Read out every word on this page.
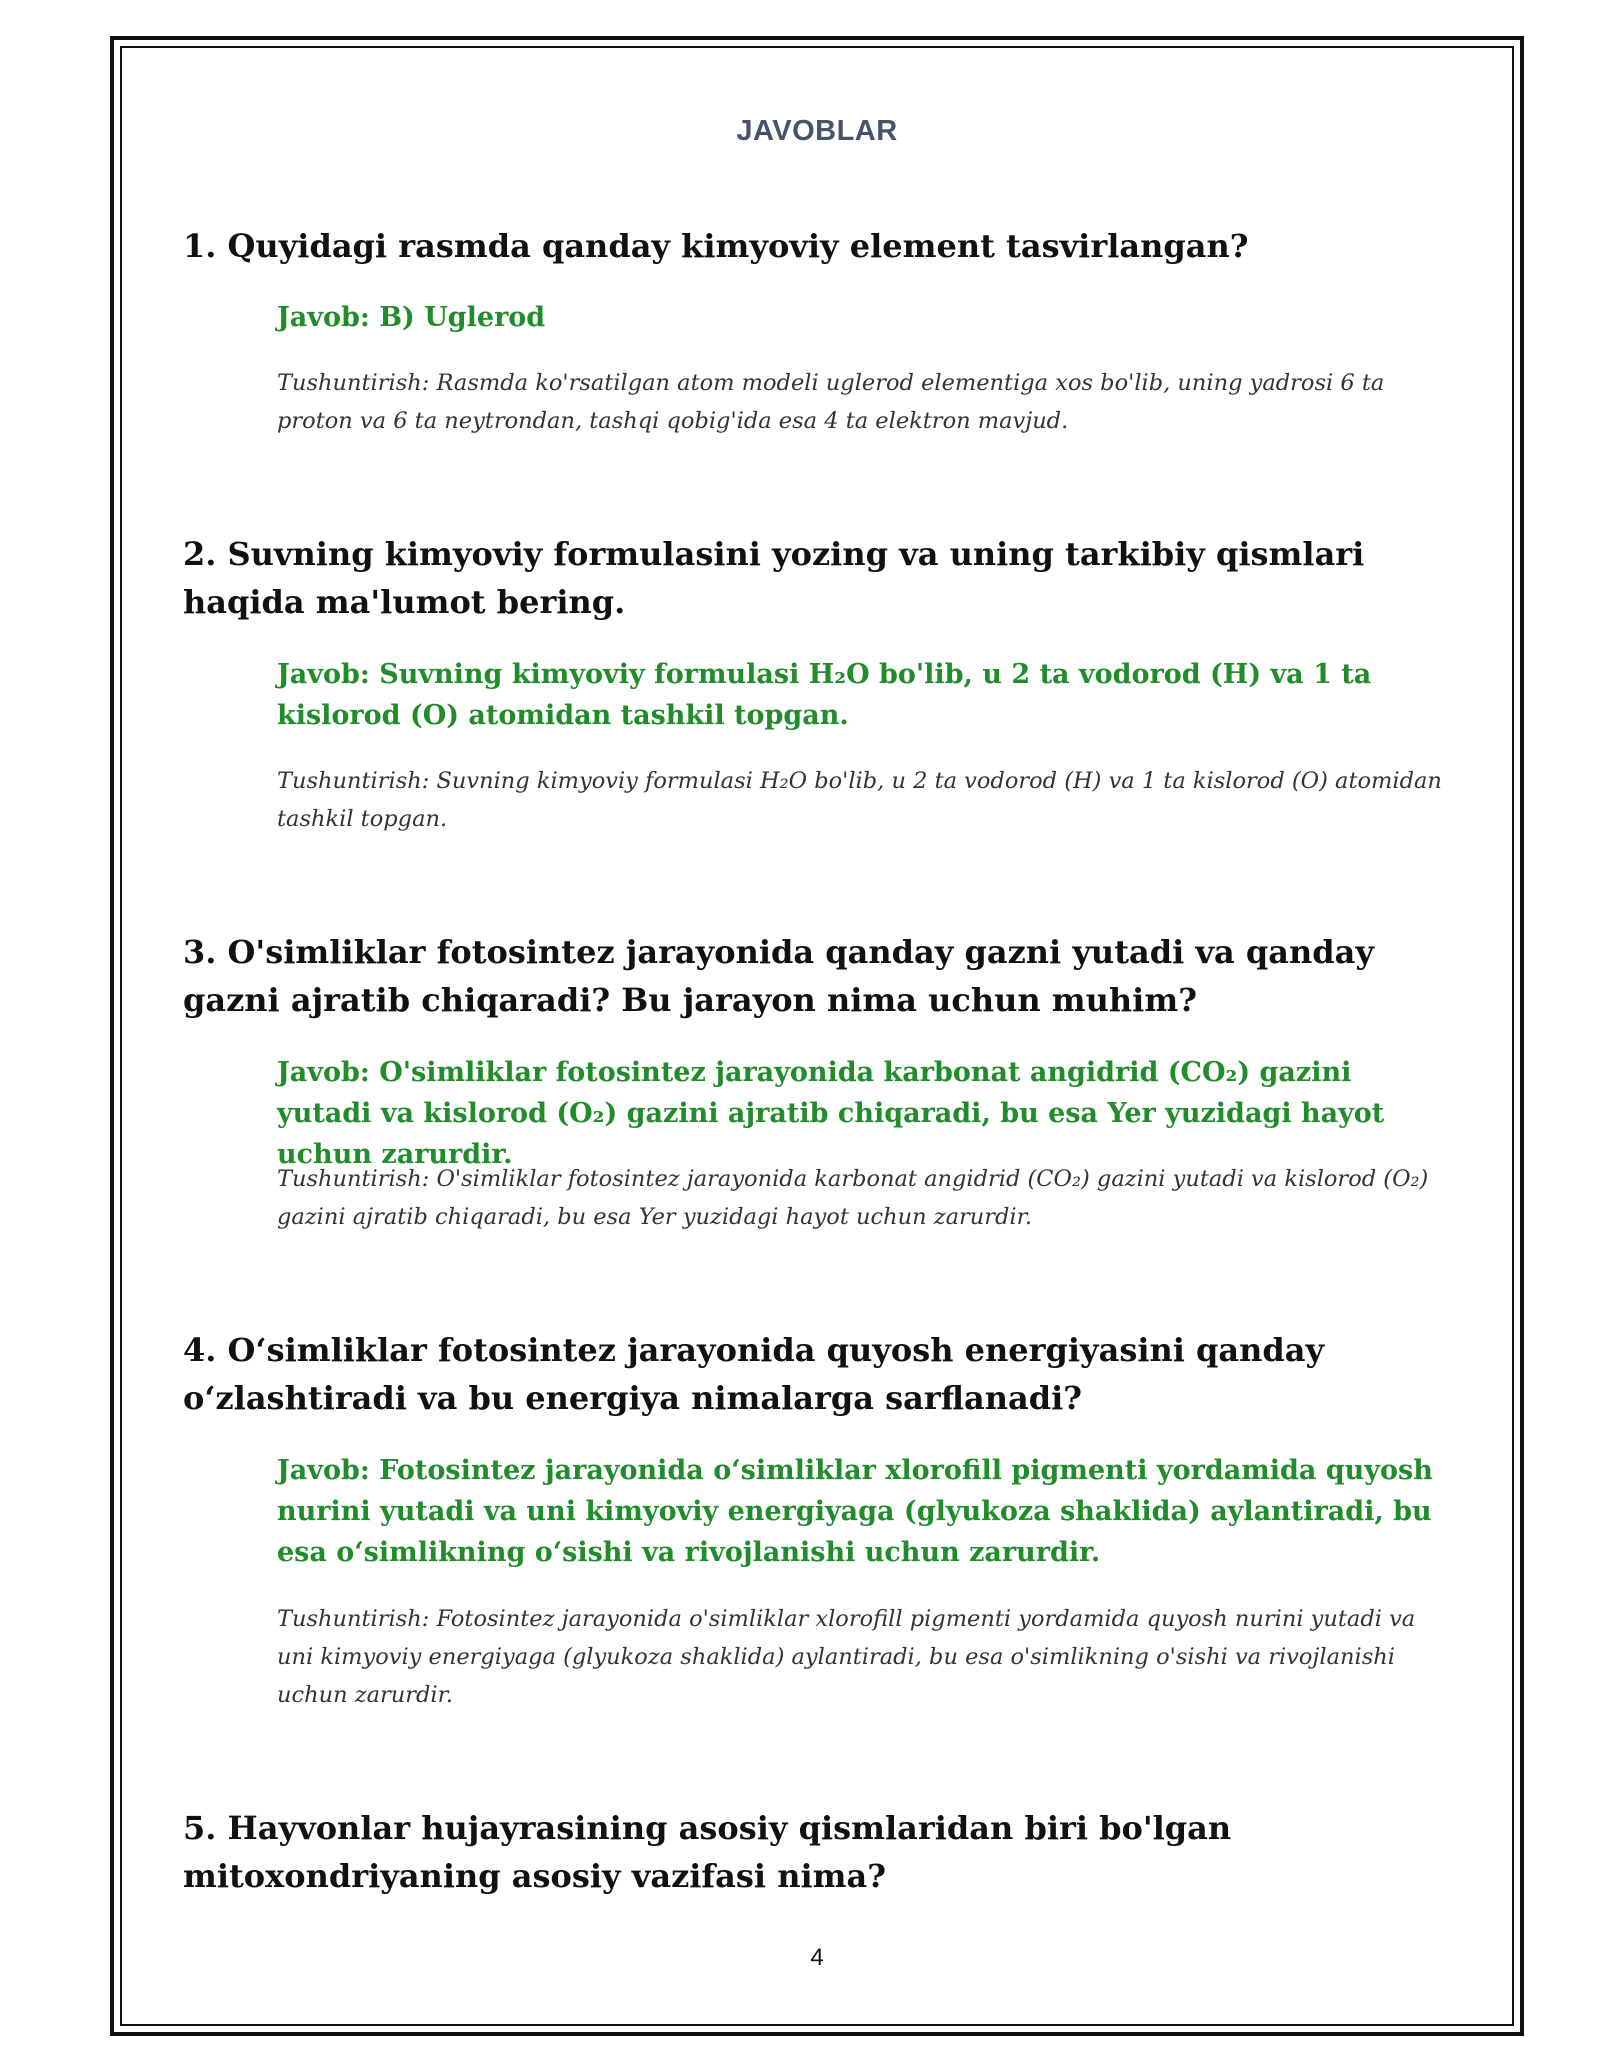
JAVOBLAR
1. Quyidagi rasmda qanday kimyoviy element tasvirlangan?
Javob: B) Uglerod
Tushuntirish: Rasmda ko'rsatilgan atom modeli uglerod elementiga xos bo'lib, uning yadrosi 6 ta proton va 6 ta neytrondan, tashqi qobig'ida esa 4 ta elektron mavjud.
2. Suvning kimyoviy formulasini yozing va uning tarkibiy qismlari haqida ma'lumot bering.
Javob: Suvning kimyoviy formulasi H₂O bo'lib, u 2 ta vodorod (H) va 1 ta kislorod (O) atomidan tashkil topgan.
Tushuntirish: Suvning kimyoviy formulasi H₂O bo'lib, u 2 ta vodorod (H) va 1 ta kislorod (O) atomidan tashkil topgan.
3. O'simliklar fotosintez jarayonida qanday gazni yutadi va qanday gazni ajratib chiqaradi? Bu jarayon nima uchun muhim?
Javob: O'simliklar fotosintez jarayonida karbonat angidrid (CO₂) gazini yutadi va kislorod (O₂) gazini ajratib chiqaradi, bu esa Yer yuzidagi hayot uchun zarurdir.
Tushuntirish: O'simliklar fotosintez jarayonida karbonat angidrid (CO₂) gazini yutadi va kislorod (O₂) gazini ajratib chiqaradi, bu esa Yer yuzidagi hayot uchun zarurdir.
4. O‘simliklar fotosintez jarayonida quyosh energiyasini qanday o‘zlashtiradi va bu energiya nimalarga sarflanadi?
Javob: Fotosintez jarayonida o‘simliklar xlorofill pigmenti yordamida quyosh nurini yutadi va uni kimyoviy energiyaga (glyukoza shaklida) aylantiradi, bu esa o‘simlikning o‘sishi va rivojlanishi uchun zarurdir.
Tushuntirish: Fotosintez jarayonida o'simliklar xlorofill pigmenti yordamida quyosh nurini yutadi va uni kimyoviy energiyaga (glyukoza shaklida) aylantiradi, bu esa o'simlikning o'sishi va rivojlanishi uchun zarurdir.
5. Hayvonlar hujayrasining asosiy qismlaridan biri bo'lgan mitoxondriyaning asosiy vazifasi nima?
4
